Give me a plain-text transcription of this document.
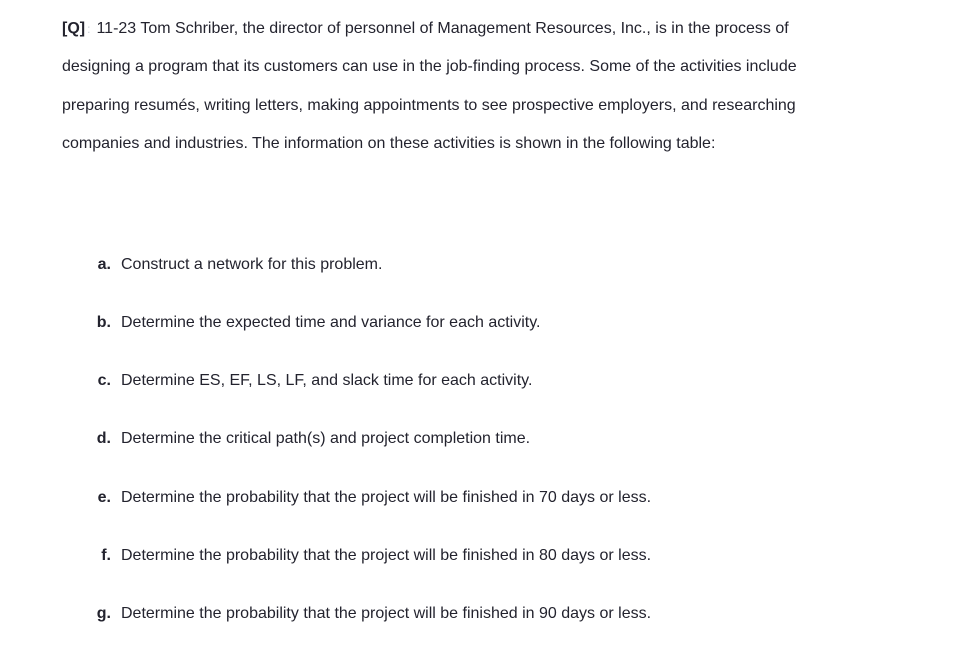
[Q] : 11-23 Tom Schriber, the director of personnel of Management Resources, Inc., is in the process of designing a program that its customers can use in the job-finding process. Some of the activities include preparing resumés, writing letters, making appointments to see prospective employers, and researching companies and industries. The information on these activities is shown in the following table:

a. Construct a network for this problem.
b. Determine the expected time and variance for each activity.
c. Determine ES, EF, LS, LF, and slack time for each activity.
d. Determine the critical path(s) and project completion time.
e. Determine the probability that the project will be finished in 70 days or less.
f. Determine the probability that the project will be finished in 80 days or less.
g. Determine the probability that the project will be finished in 90 days or less.
